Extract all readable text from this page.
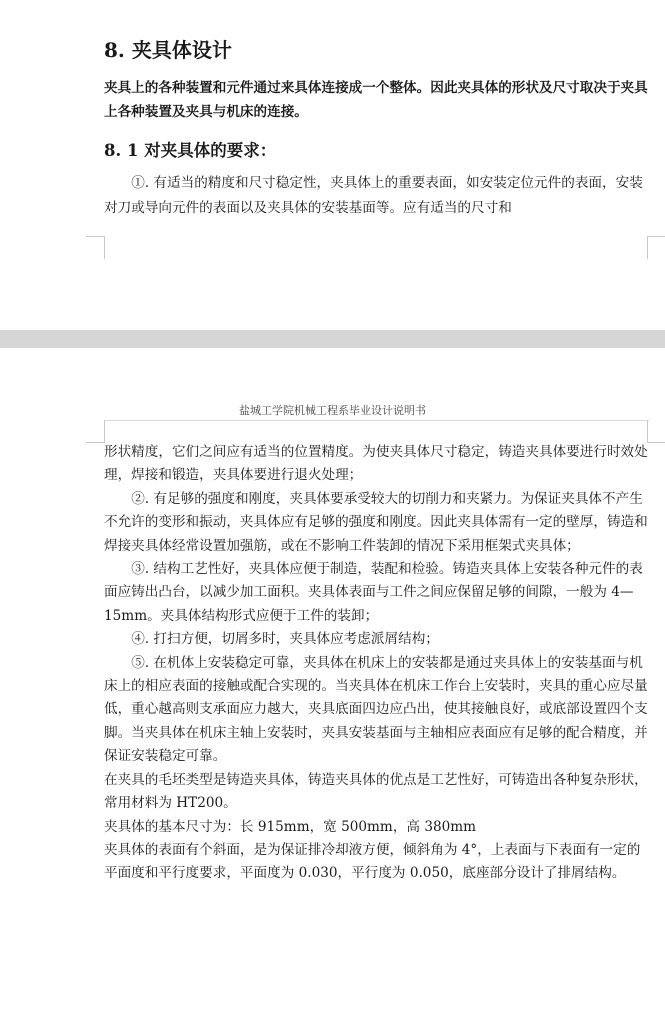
8. 夹具体设计
夹具上的各种装置和元件通过来具体连接成一个整体。因此夹具体的形状及尺寸取决于夹具上各种装置及夹具与机床的连接。
8. 1 对夹具体的要求：
①. 有适当的精度和尺寸稳定性，夹具体上的重要表面，如安装定位元件的表面，安装对刀或导向元件的表面以及夹具体的安装基面等。应有适当的尺寸和
盐城工学院机械工程系毕业设计说明书

形状精度，它们之间应有适当的位置精度。为使夹具体尺寸稳定，铸造夹具体要进行时效处理，焊接和锻造，夹具体要进行退火处理；

②. 有足够的强度和刚度，夹具体要承受较大的切削力和夹紧力。为保证夹具体不产生不允许的变形和振动，夹具体应有足够的强度和刚度。因此夹具体需有一定的壁厚，铸造和焊接夹具体经常设置加强筋，或在不影响工件装卸的情况下采用框架式夹具体；

③. 结构工艺性好，夹具体应便于制造，装配和检验。铸造夹具体上安装各种元件的表面应铸出凸台，以减少加工面积。夹具体表面与工件之间应保留足够的间隙，一般为 4—15mm。夹具体结构形式应便于工件的装卸；

④. 打扫方便，切屑多时，夹具体应考虑派屑结构；

⑤. 在机体上安装稳定可靠，夹具体在机床上的安装都是通过夹具体上的安装基面与机床上的相应表面的接触或配合实现的。当夹具体在机床工作台上安装时，夹具的重心应尽量低，重心越高则支承面应力越大，夹具底面四边应凸出，使其接触良好，或底部设置四个支脚。当夹具体在机床主轴上安装时，夹具安装基面与主轴相应表面应有足够的配合精度，并保证安装稳定可靠。

在夹具的毛坯类型是铸造夹具体，铸造夹具体的优点是工艺性好，可铸造出各种复杂形状，常用材料为 HT200。

夹具体的基本尺寸为：长 915mm，宽 500mm，高 380mm

夹具体的表面有个斜面，是为保证排冷却液方便，倾斜角为 4°，上表面与下表面有一定的平面度和平行度要求，平面度为 0.030，平行度为 0.050，底座部分设计了排屑结构。
